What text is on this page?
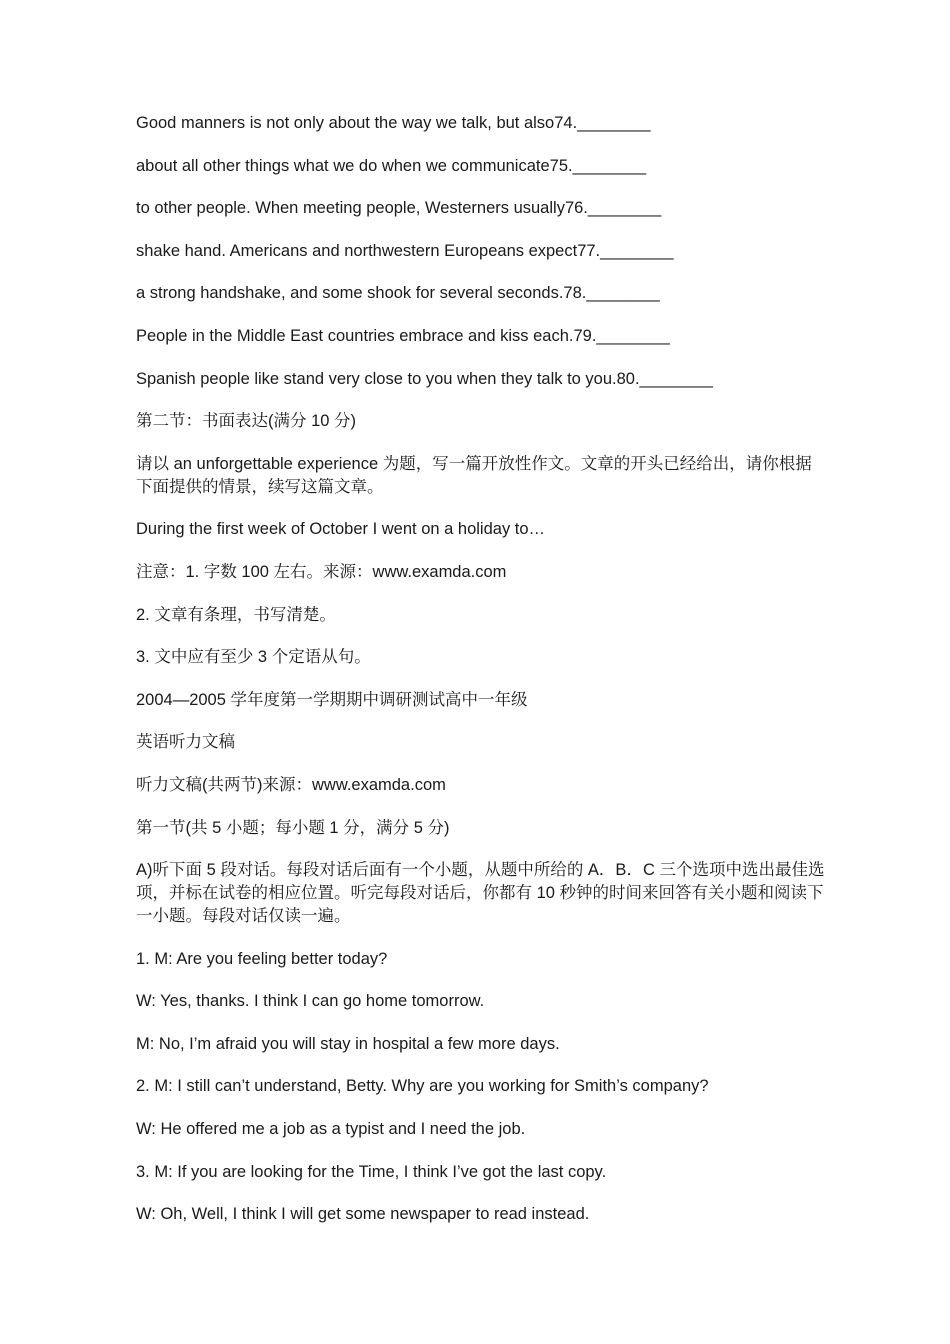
Good manners is not only about the way we talk, but also74.________

about all other things what we do when we communicate75.________

to other people. When meeting people, Westerners usually76.________

shake hand. Americans and northwestern Europeans expect77.________

a strong handshake, and some shook for several seconds.78.________

People in the Middle East countries embrace and kiss each.79.________

Spanish people like stand very close to you when they talk to you.80.________

第二节：书面表达(满分 10 分)

请以 an unforgettable experience 为题，写一篇开放性作文。文章的开头已经给出，请你根据下面提供的情景，续写这篇文章。

During the first week of October I went on a holiday to…

注意：1. 字数 100 左右。来源：www.examda.com

2. 文章有条理，书写清楚。

3. 文中应有至少 3 个定语从句。

2004—2005 学年度第一学期期中调研测试高中一年级

英语听力文稿

听力文稿(共两节)来源：www.examda.com

第一节(共 5 小题；每小题 1 分，满分 5 分)

A)听下面 5 段对话。每段对话后面有一个小题，从题中所给的 A．B．C 三个选项中选出最佳选项，并标在试卷的相应位置。听完每段对话后，你都有 10 秒钟的时间来回答有关小题和阅读下一小题。每段对话仅读一遍。

1. M: Are you feeling better today?

W: Yes, thanks. I think I can go home tomorrow.

M: No, I’m afraid you will stay in hospital a few more days.

2. M: I still can’t understand, Betty. Why are you working for Smith’s company?

W: He offered me a job as a typist and I need the job.

3. M: If you are looking for the Time, I think I’ve got the last copy.

W: Oh, Well, I think I will get some newspaper to read instead.
